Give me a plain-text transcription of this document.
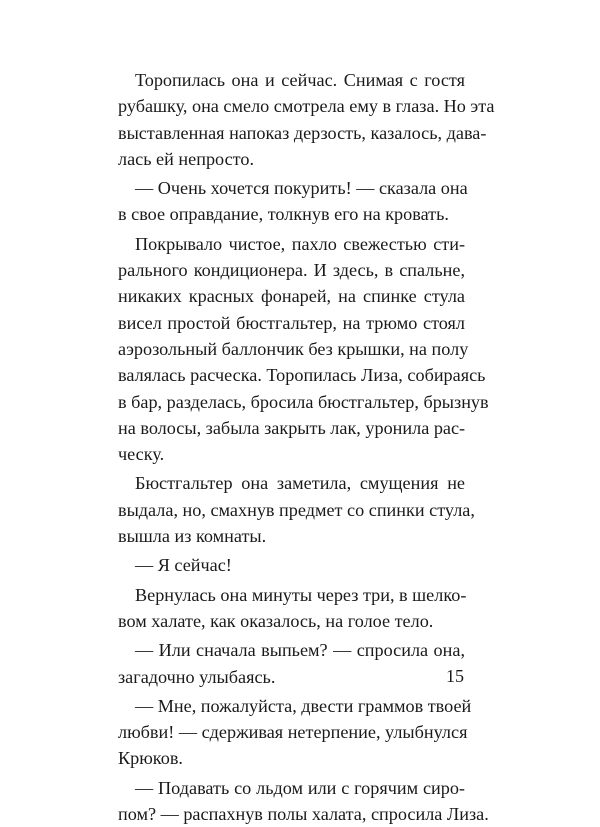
Торопилась она и сейчас. Снимая с гостя
рубашку, она смело смотрела ему в глаза. Но эта
выставленная напоказ дерзость, казалось, дава-
лась ей непросто.
— Очень хочется покурить! — сказала она
в свое оправдание, толкнув его на кровать.
Покрывало чистое, пахло свежестью сти-
рального кондиционера. И здесь, в спальне,
никаких красных фонарей, на спинке стула
висел простой бюстгальтер, на трюмо стоял
аэрозольный баллончик без крышки, на полу
валялась расческа. Торопилась Лиза, собираясь
в бар, разделась, бросила бюстгальтер, брызнув
на волосы, забыла закрыть лак, уронила рас-
ческу.
Бюстгальтер она заметила, смущения не
выдала, но, смахнув предмет со спинки стула,
вышла из комнаты.
— Я сейчас!
Вернулась она минуты через три, в шелко-
вом халате, как оказалось, на голое тело.
— Или сначала выпьем? — спросила она,
загадочно улыбаясь.
— Мне, пожалуйста, двести граммов твоей
любви! — сдерживая нетерпение, улыбнулся
Крюков.
— Подавать со льдом или с горячим сиро-
пом? — распахнув полы халата, спросила Лиза.
15
